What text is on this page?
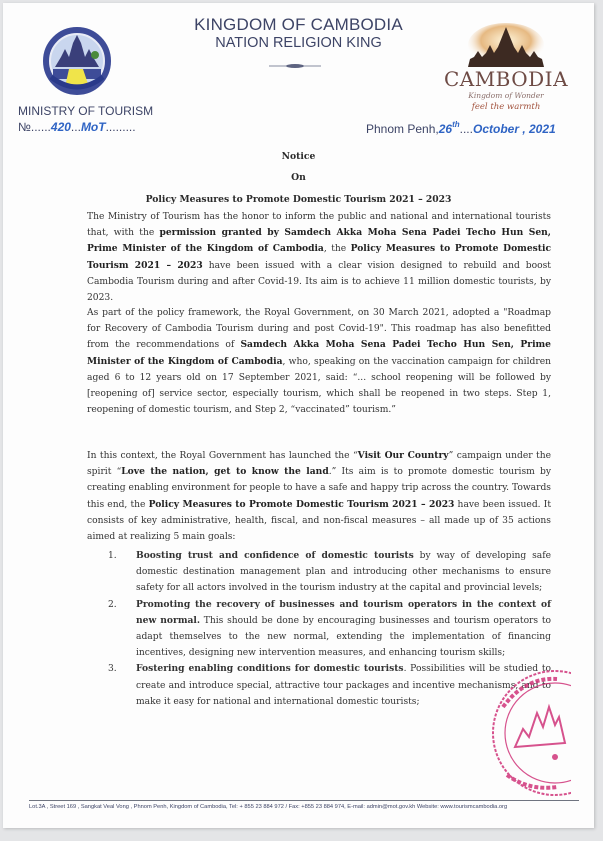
KINGDOM OF CAMBODIA
NATION RELIGION KING
CAMBODIA
Kingdom of Wonder
feel the warmth
MINISTRY OF TOURISM
№......420...MoT.........	Phnom Penh,26th....October , 2021
Notice
On
Policy Measures to Promote Domestic Tourism 2021 – 2023
The Ministry of Tourism has the honor to inform the public and national and international tourists that, with the permission granted by Samdech Akka Moha Sena Padei Techo Hun Sen, Prime Minister of the Kingdom of Cambodia, the Policy Measures to Promote Domestic Tourism 2021 – 2023 have been issued with a clear vision designed to rebuild and boost Cambodia Tourism during and after Covid-19. Its aim is to achieve 11 million domestic tourists, by 2023.
As part of the policy framework, the Royal Government, on 30 March 2021, adopted a "Roadmap for Recovery of Cambodia Tourism during and post Covid-19". This roadmap has also benefitted from the recommendations of Samdech Akka Moha Sena Padei Techo Hun Sen, Prime Minister of the Kingdom of Cambodia, who, speaking on the vaccination campaign for children aged 6 to 12 years old on 17 September 2021, said: “... school reopening will be followed by [reopening of] service sector, especially tourism, which shall be reopened in two steps. Step 1, reopening of domestic tourism, and Step 2, “vaccinated” tourism.”
In this context, the Royal Government has launched the “Visit Our Country” campaign under the spirit “Love the nation, get to know the land.” Its aim is to promote domestic tourism by creating enabling environment for people to have a safe and happy trip across the country. Towards this end, the Policy Measures to Promote Domestic Tourism 2021 – 2023 have been issued. It consists of key administrative, health, fiscal, and non-fiscal measures – all made up of 35 actions aimed at realizing 5 main goals:
1. Boosting trust and confidence of domestic tourists by way of developing safe domestic destination management plan and introducing other mechanisms to ensure safety for all actors involved in the tourism industry at the capital and provincial levels;
2. Promoting the recovery of businesses and tourism operators in the context of new normal. This should be done by encouraging businesses and tourism operators to adapt themselves to the new normal, extending the implementation of financing incentives, designing new intervention measures, and enhancing tourism skills;
3. Fostering enabling conditions for domestic tourists. Possibilities will be studied to create and introduce special, attractive tour packages and incentive mechanisms, and to make it easy for national and international domestic tourists;
Lot.3A , Street 169 , Sangkat Veal Vong , Phnom Penh, Kingdom of Cambodia, Tel: + 855 23 884 972 / Fax: +855 23 884 974, E-mail: admin@mot.gov.kh Website: www.tourismcambodia.org
